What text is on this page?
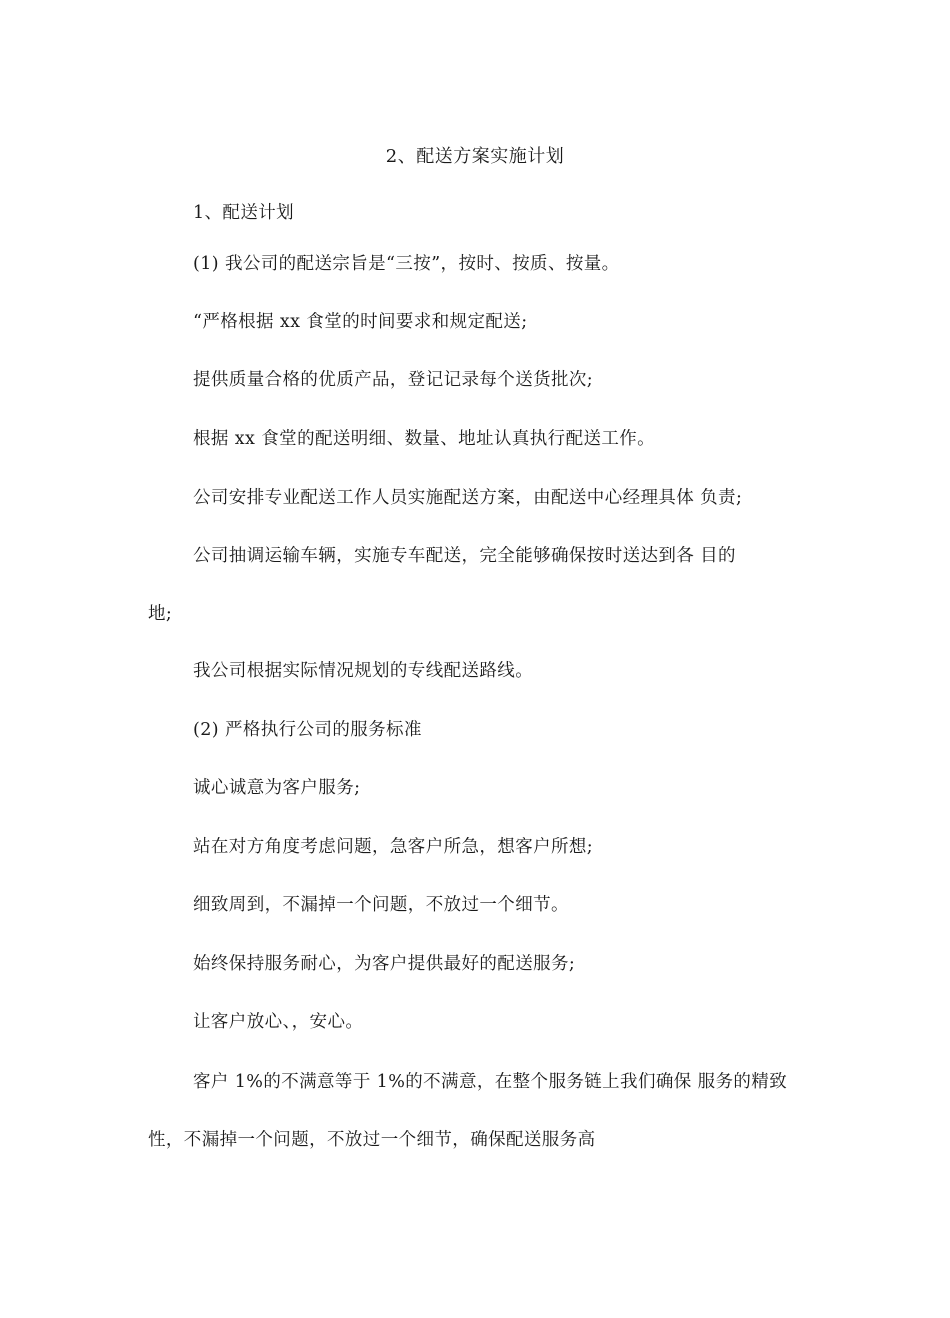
2、配送方案实施计划
1、配送计划
(1) 我公司的配送宗旨是“三按”，按时、按质、按量。
“严格根据 xx 食堂的时间要求和规定配送;
提供质量合格的优质产品，登记记录每个送货批次;
根据 xx 食堂的配送明细、数量、地址认真执行配送工作。
公司安排专业配送工作人员实施配送方案，由配送中心经理具体 负责;
公司抽调运输车辆，实施专车配送，完全能够确保按时送达到各 目的
地;
我公司根据实际情况规划的专线配送路线。
(2) 严格执行公司的服务标准
诚心诚意为客户服务;
站在对方角度考虑问题，急客户所急，想客户所想;
细致周到，不漏掉一个问题，不放过一个细节。
始终保持服务耐心，为客户提供最好的配送服务;
让客户放心、，安心。
客户 1%的不满意等于 1%的不满意，在整个服务链上我们确保 服务的精致
性，不漏掉一个问题，不放过一个细节，确保配送服务高
